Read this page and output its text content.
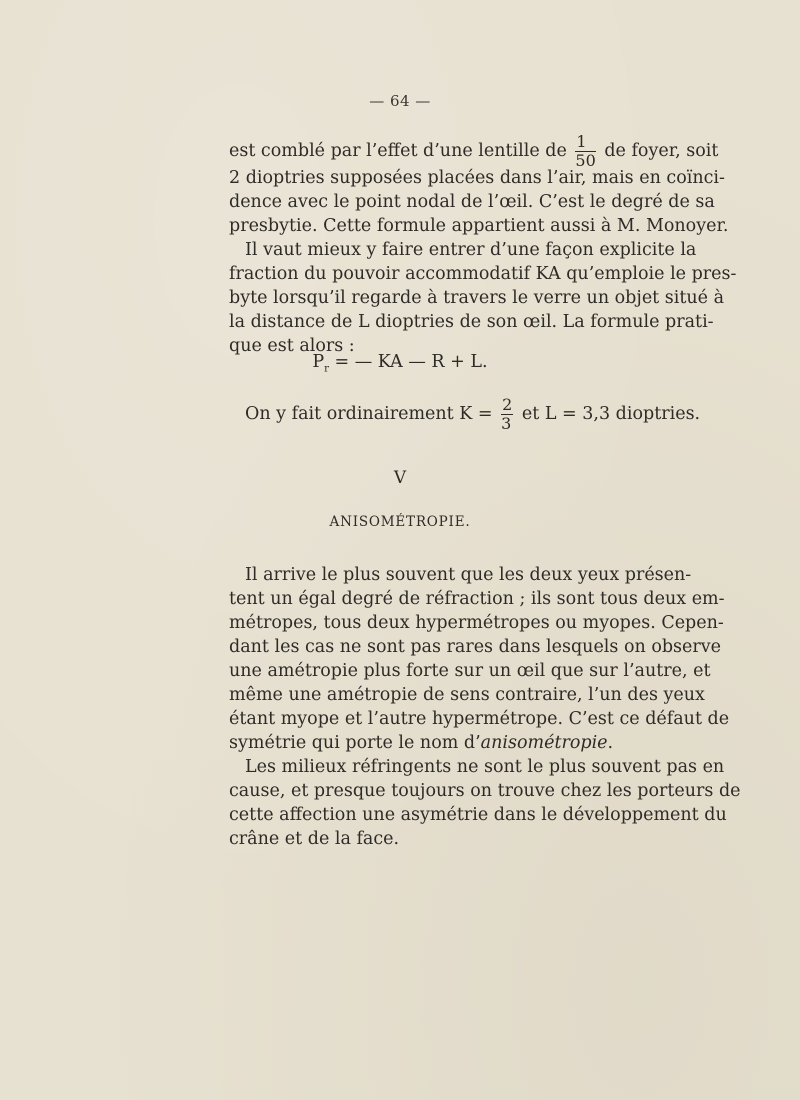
— 64 —
est comblé par l’effet d’une lentille de $\frac{1}{50}$ de foyer, soit
2 dioptries supposées placées dans l’air, mais en coïnci-
dence avec le point nodal de l’œil. C’est le degré de sa
presbytie. Cette formule appartient aussi à M. Monoyer.
Il vaut mieux y faire entrer d’une façon explicite la
fraction du pouvoir accommodatif KA qu’emploie le pres-
byte lorsqu’il regarde à travers le verre un objet situé à
la distance de L dioptries de son œil. La formule prati-
que est alors :
$P_r$ = — KA — R + L.
On y fait ordinairement $K = \frac{2}{3}$ et L = 3,3 dioptries.
V
ANISOMÉTROPIE.
Il arrive le plus souvent que les deux yeux présen-
tent un égal degré de réfraction ; ils sont tous deux em-
métropes, tous deux hypermétropes ou myopes. Cepen-
dant les cas ne sont pas rares dans lesquels on observe
une amétropie plus forte sur un œil que sur l’autre, et
même une amétropie de sens contraire, l’un des yeux
étant myope et l’autre hypermétrope. C’est ce défaut de
symétrie qui porte le nom d’anisométropie.
Les milieux réfringents ne sont le plus souvent pas en
cause, et presque toujours on trouve chez les porteurs de
cette affection une asymétrie dans le développement du
crâne et de la face.
